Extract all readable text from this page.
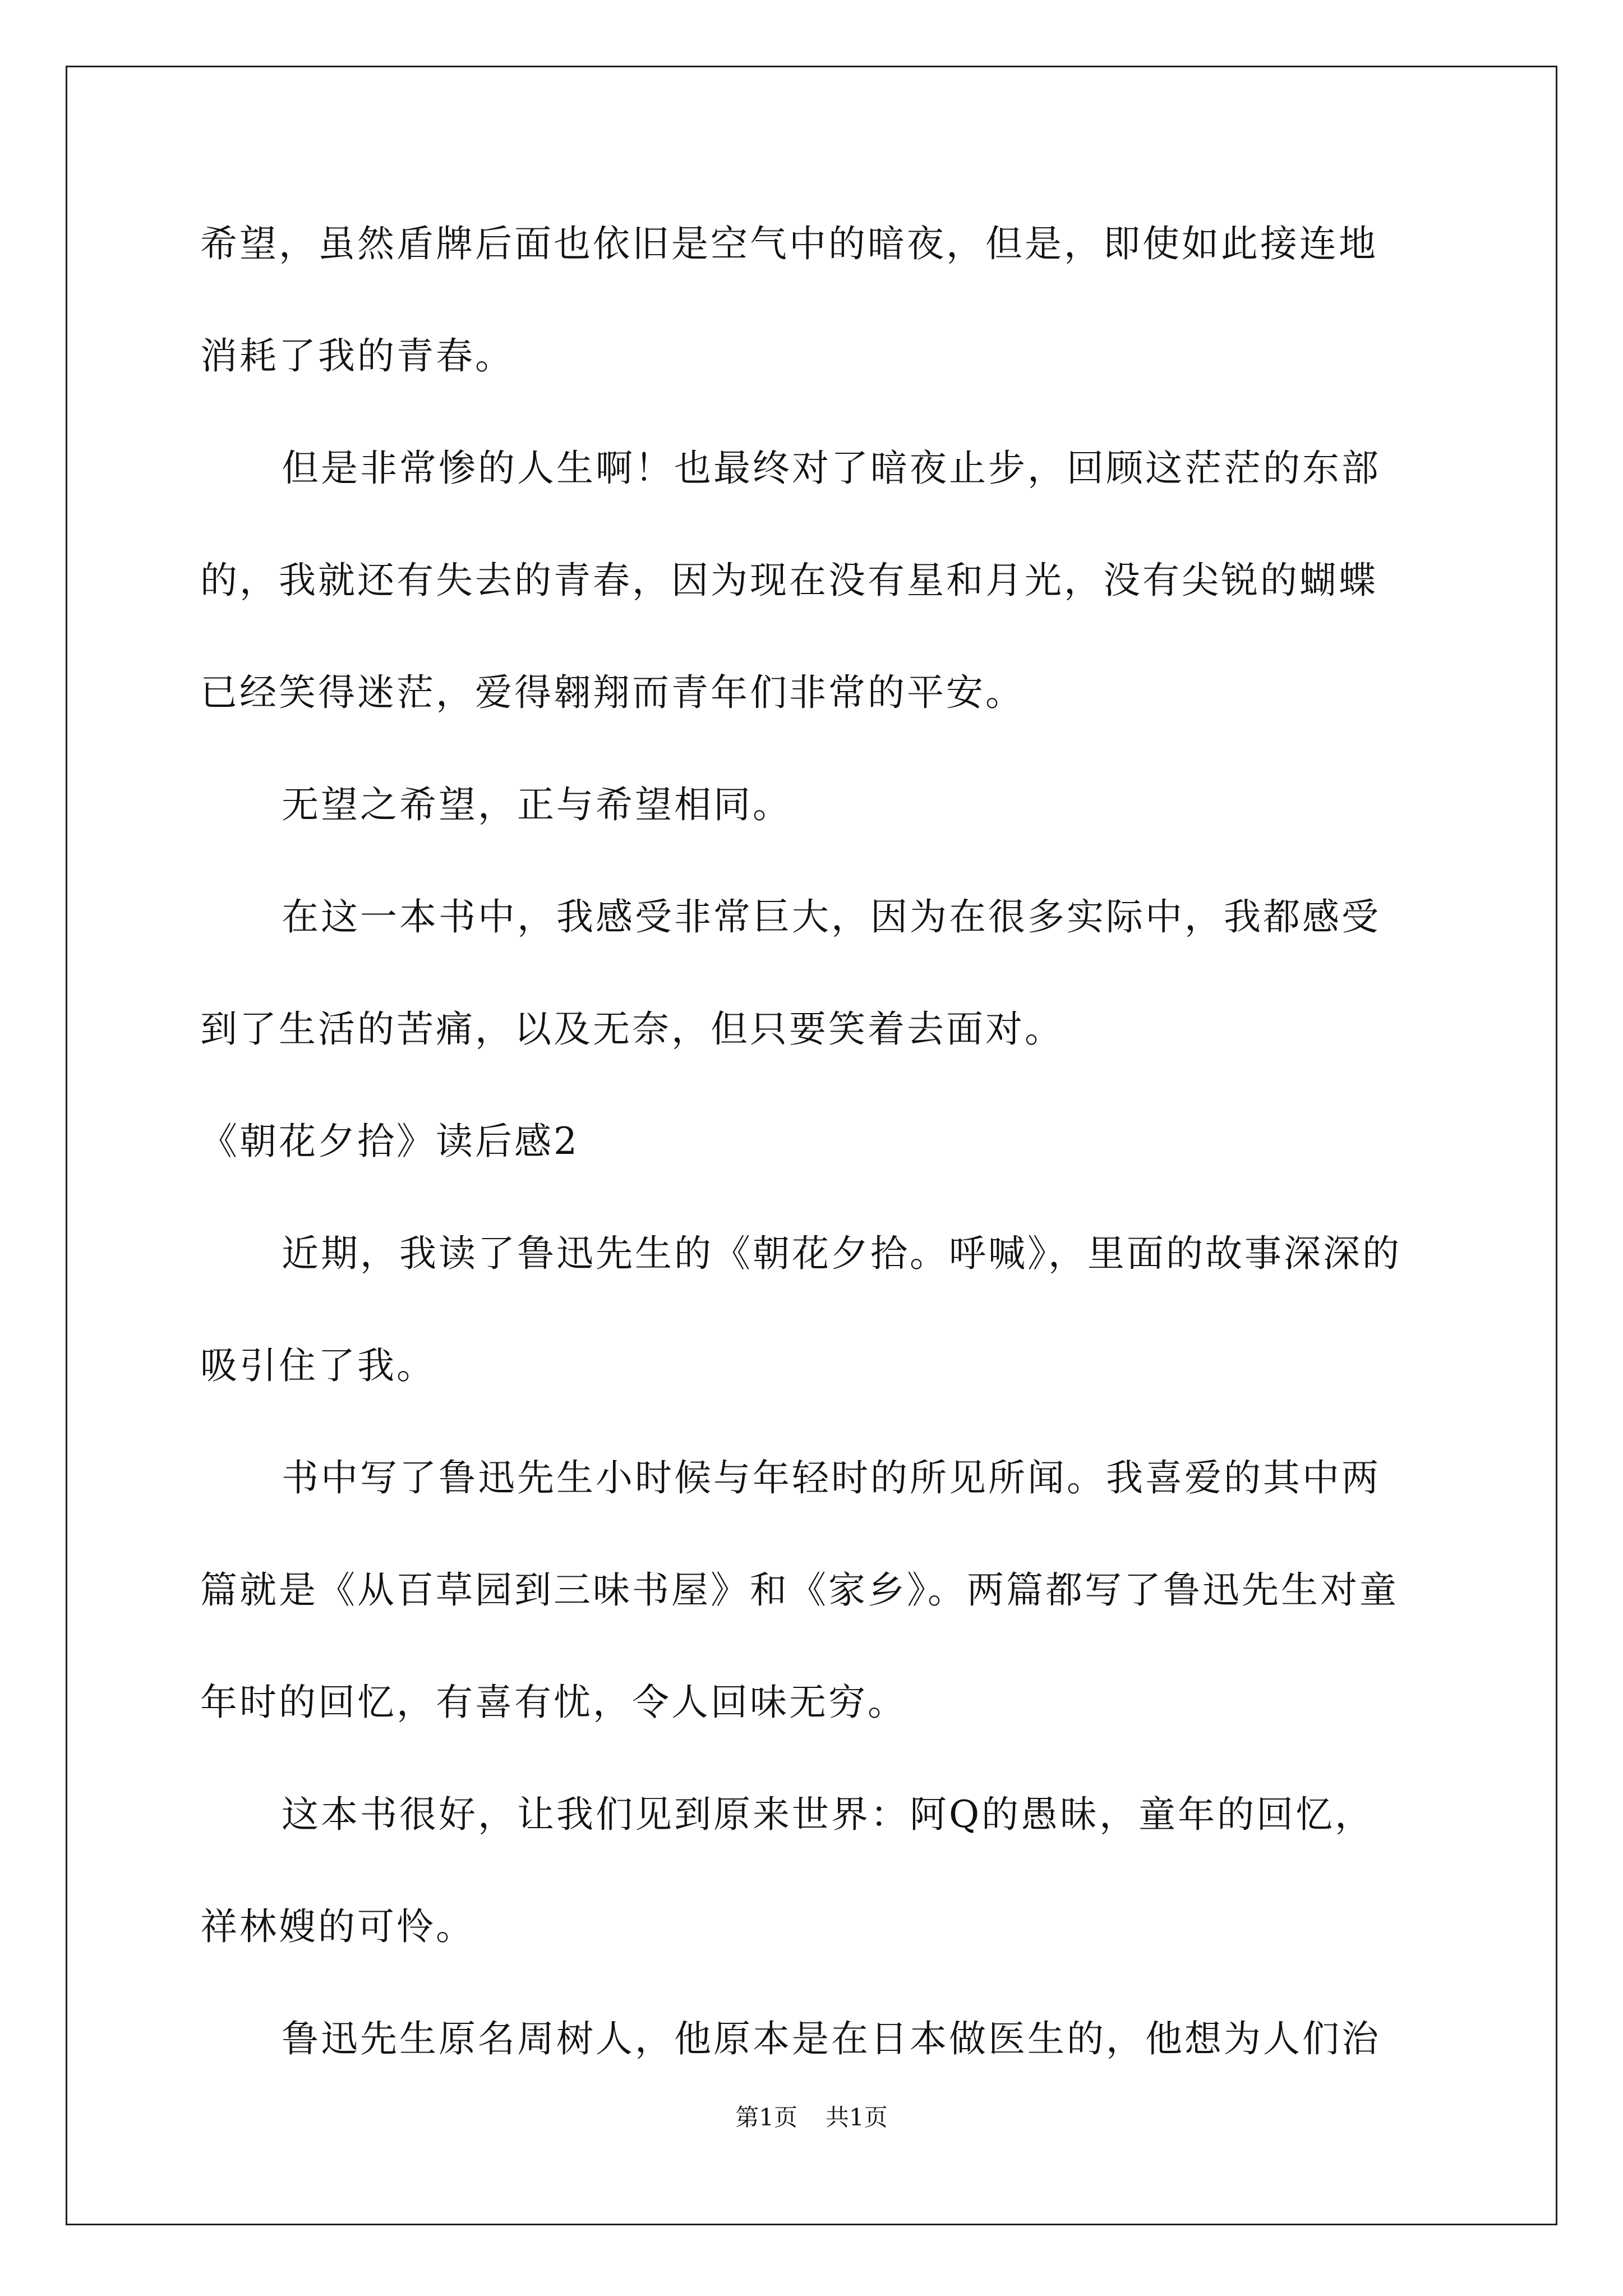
希望，虽然盾牌后面也依旧是空气中的暗夜，但是，即使如此接连地
消耗了我的青春。
但是非常惨的人生啊！也最终对了暗夜止步，回顾这茫茫的东部
的，我就还有失去的青春，因为现在没有星和月光，没有尖锐的蝴蝶
已经笑得迷茫，爱得翱翔而青年们非常的平安。
无望之希望，正与希望相同。
在这一本书中，我感受非常巨大，因为在很多实际中，我都感受
到了生活的苦痛，以及无奈，但只要笑着去面对。
《朝花夕拾》读后感2
近期，我读了鲁迅先生的《朝花夕拾。呼喊》，里面的故事深深的
吸引住了我。
书中写了鲁迅先生小时候与年轻时的所见所闻。我喜爱的其中两
篇就是《从百草园到三味书屋》和《家乡》。两篇都写了鲁迅先生对童
年时的回忆，有喜有忧，令人回味无穷。
这本书很好，让我们见到原来世界：阿Q的愚昧，童年的回忆，
祥林嫂的可怜。
鲁迅先生原名周树人，他原本是在日本做医生的，他想为人们治
第1页 共1页
